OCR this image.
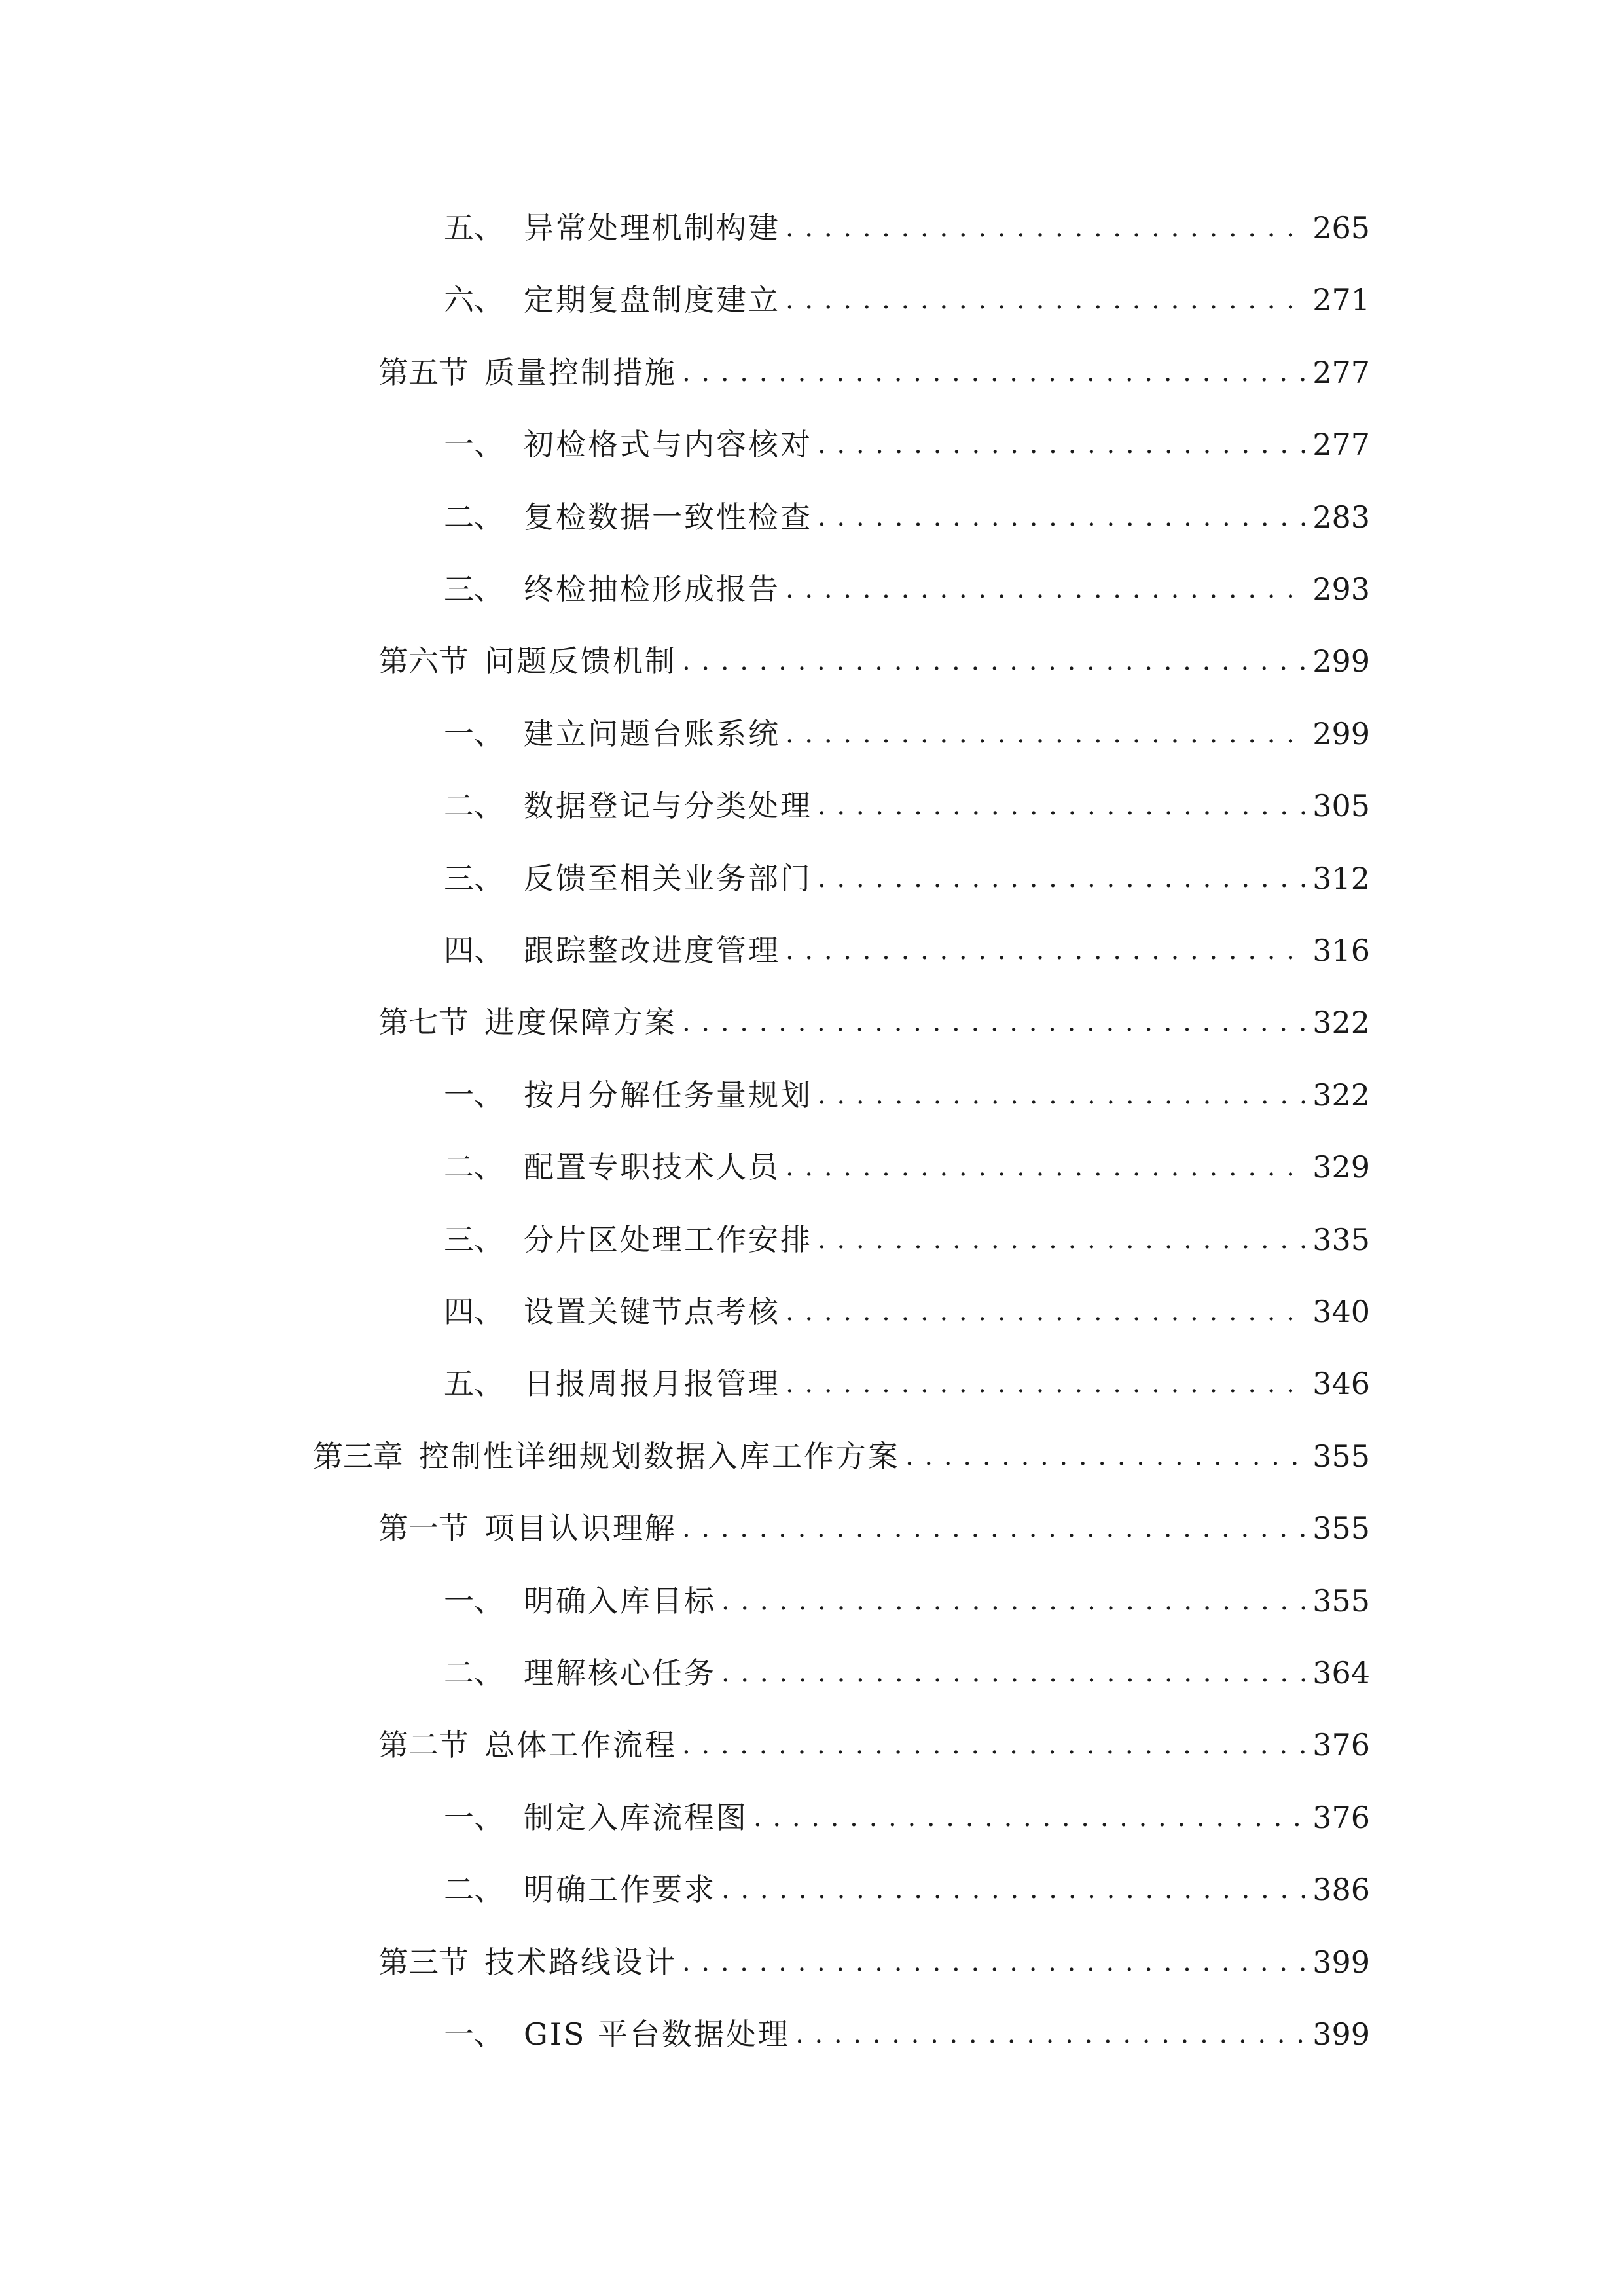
五、 异常处理机制构建 . . .	265
六、 定期复盘制度建立 . . .	271
第五节 质量控制措施 . . .	277
一、 初检格式与内容核对 . . .	277
二、 复检数据一致性检查 . . .	283
三、 终检抽检形成报告 . . .	293
第六节 问题反馈机制 . . .	299
一、 建立问题台账系统 . . .	299
二、 数据登记与分类处理 . . .	305
三、 反馈至相关业务部门 . . .	312
四、 跟踪整改进度管理 . . .	316
第七节 进度保障方案 . . .	322
一、 按月分解任务量规划 . . .	322
二、 配置专职技术人员 . . .	329
三、 分片区处理工作安排 . . .	335
四、 设置关键节点考核 . . .	340
五、 日报周报月报管理 . . .	346
第三章 控制性详细规划数据入库工作方案 . . .	355
第一节 项目认识理解 . . .	355
一、 明确入库目标 . . .	355
二、 理解核心任务 . . .	364
第二节 总体工作流程 . . .	376
一、 制定入库流程图 . . .	376
二、 明确工作要求 . . .	386
第三节 技术路线设计 . . .	399
一、 GIS 平台数据处理 . . .	399
